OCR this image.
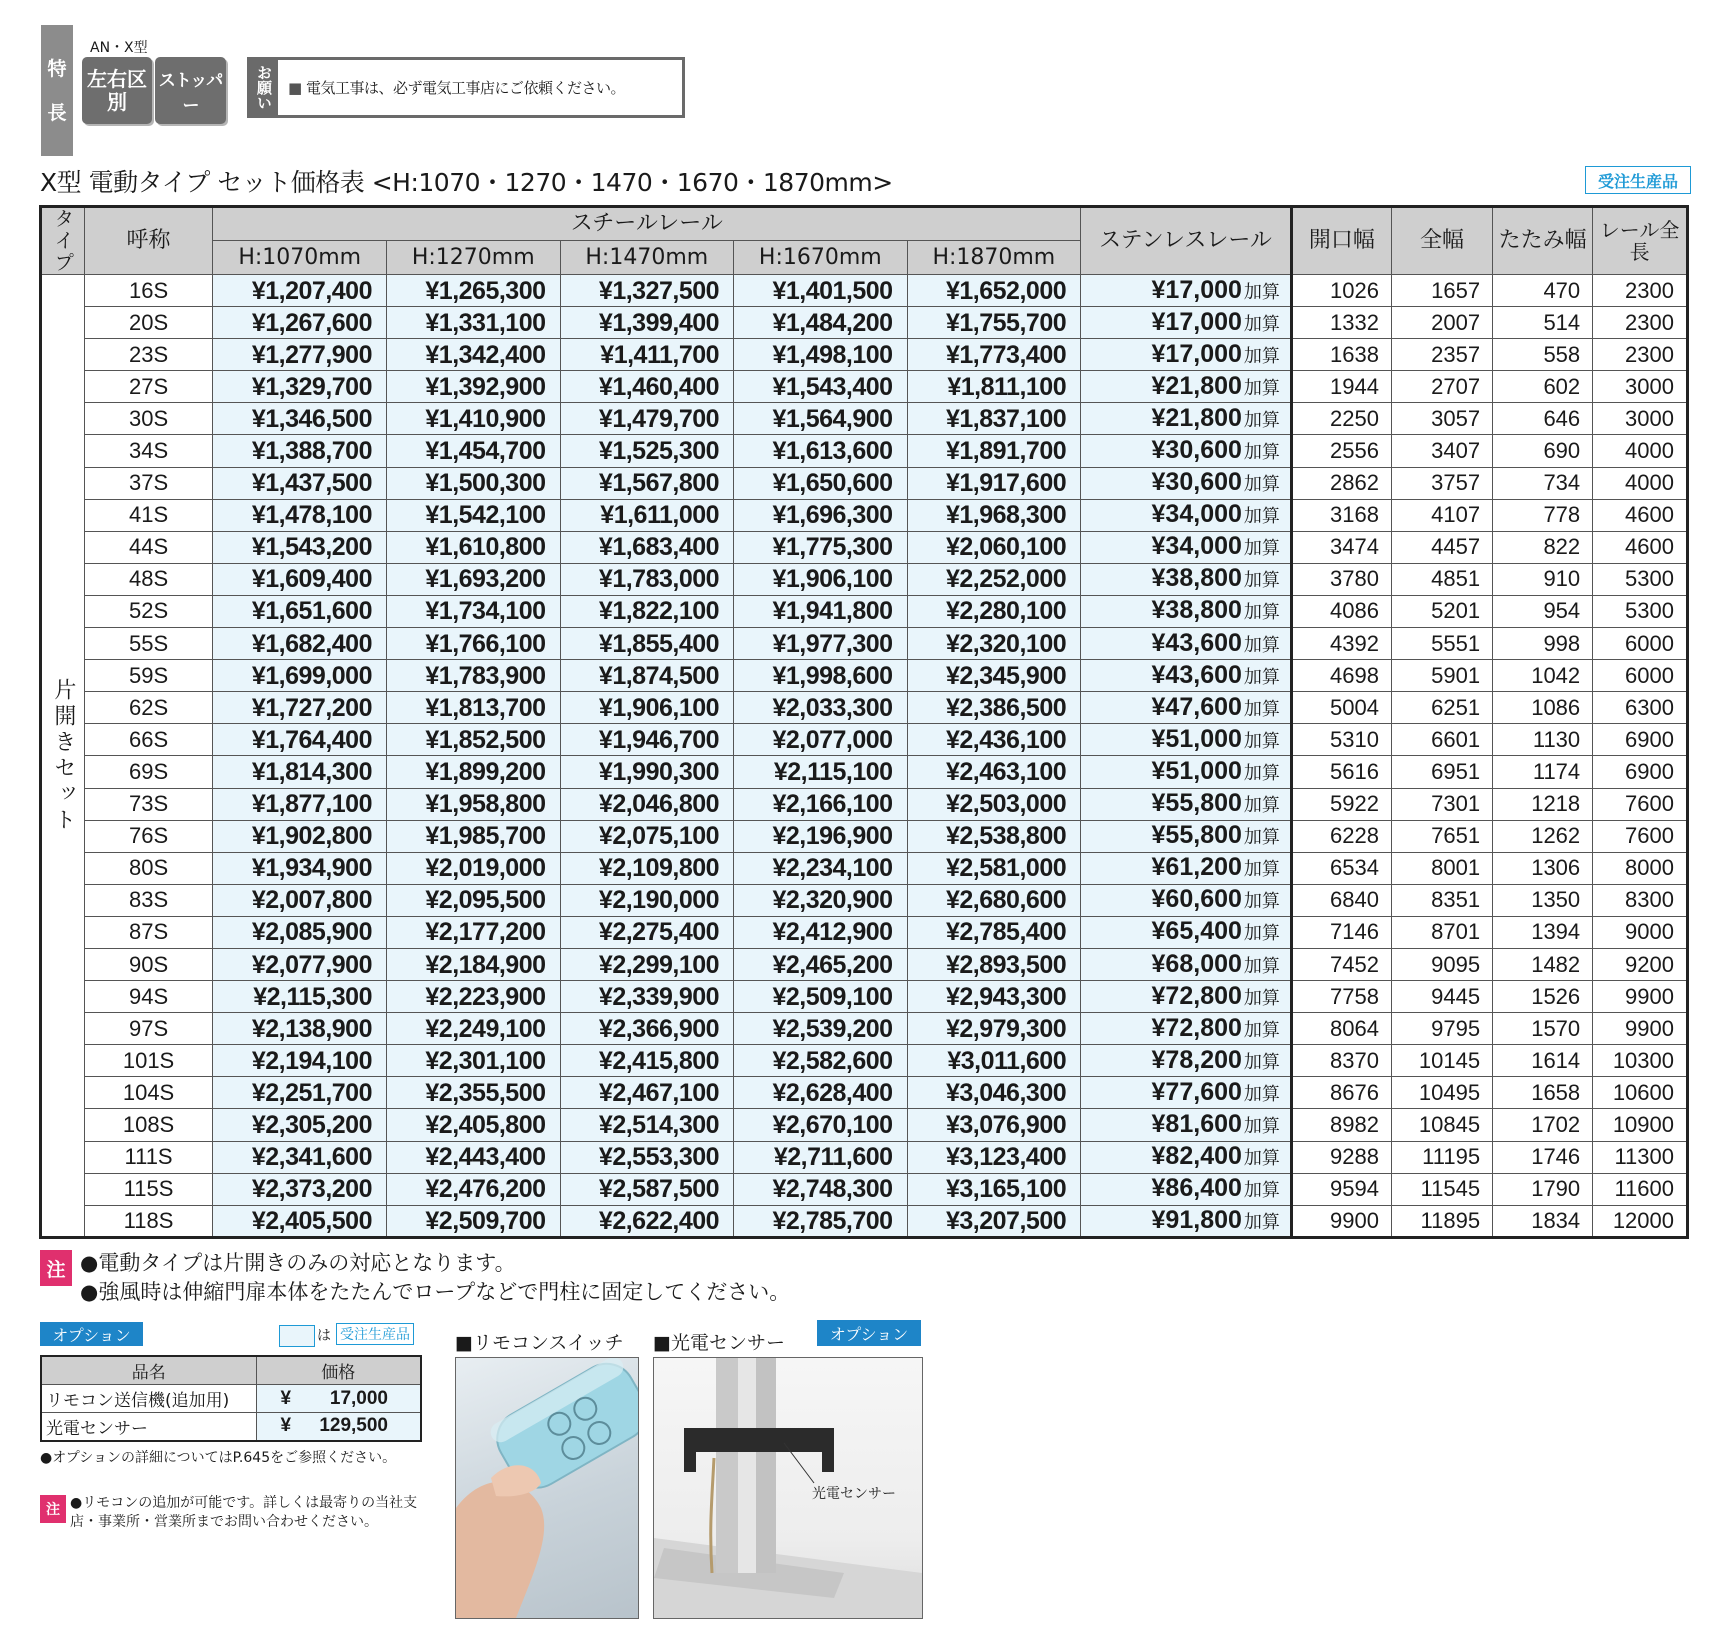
特
長
AN・X型
左右区別
ストッパー	お願い	■ 電気工事は、必ず電気工事店にご依頼ください。
X型 電動タイプ セット価格表 <H:1070・1270・1470・1670・1870mm>	受注生産品
タイプ	呼称	スチールレール					ステンレスレール	開口幅	全幅	たたみ幅	レール全長
		H:1070mm	H:1270mm	H:1470mm	H:1670mm	H:1870mm					
片開きセット	16S	¥1,207,400	¥1,265,300	¥1,327,500	¥1,401,500	¥1,652,000	¥17,000 加算	1026	1657	470	2300
	20S	¥1,267,600	¥1,331,100	¥1,399,400	¥1,484,200	¥1,755,700	¥17,000 加算	1332	2007	514	2300
	23S	¥1,277,900	¥1,342,400	¥1,411,700	¥1,498,100	¥1,773,400	¥17,000 加算	1638	2357	558	2300
	27S	¥1,329,700	¥1,392,900	¥1,460,400	¥1,543,400	¥1,811,100	¥21,800 加算	1944	2707	602	3000
	30S	¥1,346,500	¥1,410,900	¥1,479,700	¥1,564,900	¥1,837,100	¥21,800 加算	2250	3057	646	3000
	34S	¥1,388,700	¥1,454,700	¥1,525,300	¥1,613,600	¥1,891,700	¥30,600 加算	2556	3407	690	4000
	37S	¥1,437,500	¥1,500,300	¥1,567,800	¥1,650,600	¥1,917,600	¥30,600 加算	2862	3757	734	4000
	41S	¥1,478,100	¥1,542,100	¥1,611,000	¥1,696,300	¥1,968,300	¥34,000 加算	3168	4107	778	4600
	44S	¥1,543,200	¥1,610,800	¥1,683,400	¥1,775,300	¥2,060,100	¥34,000 加算	3474	4457	822	4600
	48S	¥1,609,400	¥1,693,200	¥1,783,000	¥1,906,100	¥2,252,000	¥38,800 加算	3780	4851	910	5300
	52S	¥1,651,600	¥1,734,100	¥1,822,100	¥1,941,800	¥2,280,100	¥38,800 加算	4086	5201	954	5300
	55S	¥1,682,400	¥1,766,100	¥1,855,400	¥1,977,300	¥2,320,100	¥43,600 加算	4392	5551	998	6000
	59S	¥1,699,000	¥1,783,900	¥1,874,500	¥1,998,600	¥2,345,900	¥43,600 加算	4698	5901	1042	6000
	62S	¥1,727,200	¥1,813,700	¥1,906,100	¥2,033,300	¥2,386,500	¥47,600 加算	5004	6251	1086	6300
	66S	¥1,764,400	¥1,852,500	¥1,946,700	¥2,077,000	¥2,436,100	¥51,000 加算	5310	6601	1130	6900
	69S	¥1,814,300	¥1,899,200	¥1,990,300	¥2,115,100	¥2,463,100	¥51,000 加算	5616	6951	1174	6900
	73S	¥1,877,100	¥1,958,800	¥2,046,800	¥2,166,100	¥2,503,000	¥55,800 加算	5922	7301	1218	7600
	76S	¥1,902,800	¥1,985,700	¥2,075,100	¥2,196,900	¥2,538,800	¥55,800 加算	6228	7651	1262	7600
	80S	¥1,934,900	¥2,019,000	¥2,109,800	¥2,234,100	¥2,581,000	¥61,200 加算	6534	8001	1306	8000
	83S	¥2,007,800	¥2,095,500	¥2,190,000	¥2,320,900	¥2,680,600	¥60,600 加算	6840	8351	1350	8300
	87S	¥2,085,900	¥2,177,200	¥2,275,400	¥2,412,900	¥2,785,400	¥65,400 加算	7146	8701	1394	9000
	90S	¥2,077,900	¥2,184,900	¥2,299,100	¥2,465,200	¥2,893,500	¥68,000 加算	7452	9095	1482	9200
	94S	¥2,115,300	¥2,223,900	¥2,339,900	¥2,509,100	¥2,943,300	¥72,800 加算	7758	9445	1526	9900
	97S	¥2,138,900	¥2,249,100	¥2,366,900	¥2,539,200	¥2,979,300	¥72,800 加算	8064	9795	1570	9900
	101S	¥2,194,100	¥2,301,100	¥2,415,800	¥2,582,600	¥3,011,600	¥78,200 加算	8370	10145	1614	10300
	104S	¥2,251,700	¥2,355,500	¥2,467,100	¥2,628,400	¥3,046,300	¥77,600 加算	8676	10495	1658	10600
	108S	¥2,305,200	¥2,405,800	¥2,514,300	¥2,670,100	¥3,076,900	¥81,600 加算	8982	10845	1702	10900
	111S	¥2,341,600	¥2,443,400	¥2,553,300	¥2,711,600	¥3,123,400	¥82,400 加算	9288	11195	1746	11300
	115S	¥2,373,200	¥2,476,200	¥2,587,500	¥2,748,300	¥3,165,100	¥86,400 加算	9594	11545	1790	11600
	118S	¥2,405,500	¥2,509,700	¥2,622,400	¥2,785,700	¥3,207,500	¥91,800 加算	9900	11895	1834	12000
注 ●電動タイプは片開きのみの対応となります。
●強風時は伸縮門扉本体をたたんでロープなどで門柱に固定してください。
オプション	は 受注生産品
品名	価格
リモコン送信機(追加用)	¥ 17,000

光電センサー	¥ 129,500
●オプションの詳細についてはP.645をご参照ください。
注 ●リモコンの追加が可能です。詳しくは最寄りの当社支店・事業所・営業所までお問い合わせください。
■ リモコンスイッチ	■ 光電センサー	オプション
光電センサー
